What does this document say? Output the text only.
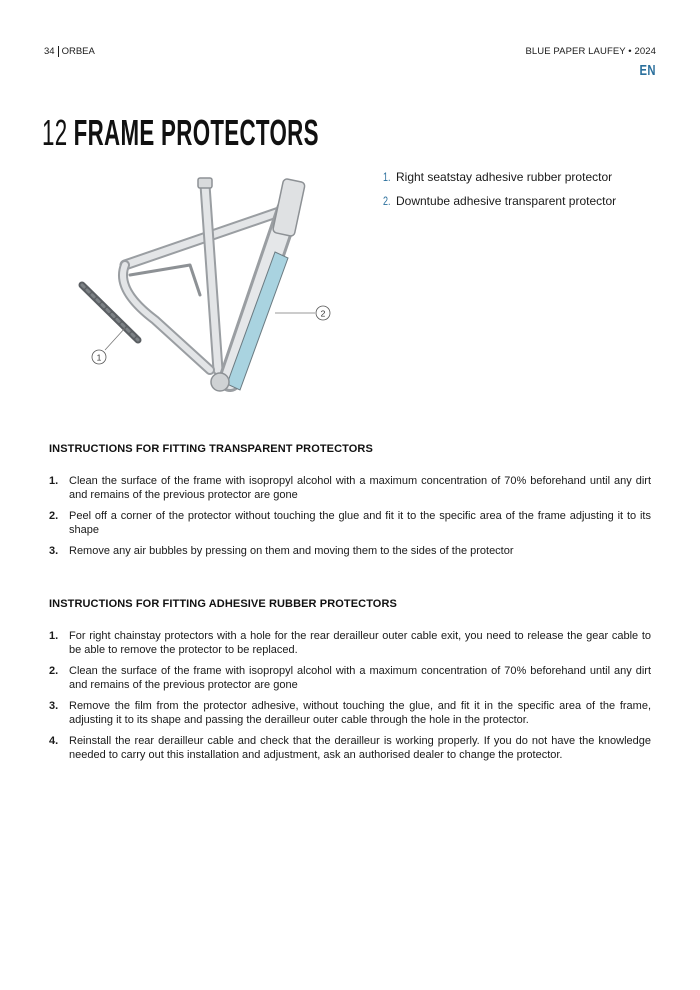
34 ORBEA	BLUE PAPER LAUFEY • 2024
EN
12 FRAME PROTECTORS
1
2
1. Right seatstay adhesive rubber protector
2. Downtube adhesive transparent protector
INSTRUCTIONS FOR FITTING TRANSPARENT PROTECTORS
1. Clean the surface of the frame with isopropyl alcohol with a maximum concentration of 70% beforehand until any dirt and remains of the previous protector are gone
2. Peel off a corner of the protector without touching the glue and fit it to the specific area of the frame adjusting it to its shape
3. Remove any air bubbles by pressing on them and moving them to the sides of the protector
INSTRUCTIONS FOR FITTING ADHESIVE RUBBER PROTECTORS
1. For right chainstay protectors with a hole for the rear derailleur outer cable exit, you need to release the gear cable to be able to remove the protector to be replaced.
2. Clean the surface of the frame with isopropyl alcohol with a maximum concentration of 70% beforehand until any dirt and remains of the previous protector are gone
3. Remove the film from the protector adhesive, without touching the glue, and fit it in the specific area of the frame, adjusting it to its shape and passing the derailleur outer cable through the hole in the protector.
4. Reinstall the rear derailleur cable and check that the derailleur is working properly. If you do not have the knowledge needed to carry out this installation and adjustment, ask an authorised dealer to change the protector.
